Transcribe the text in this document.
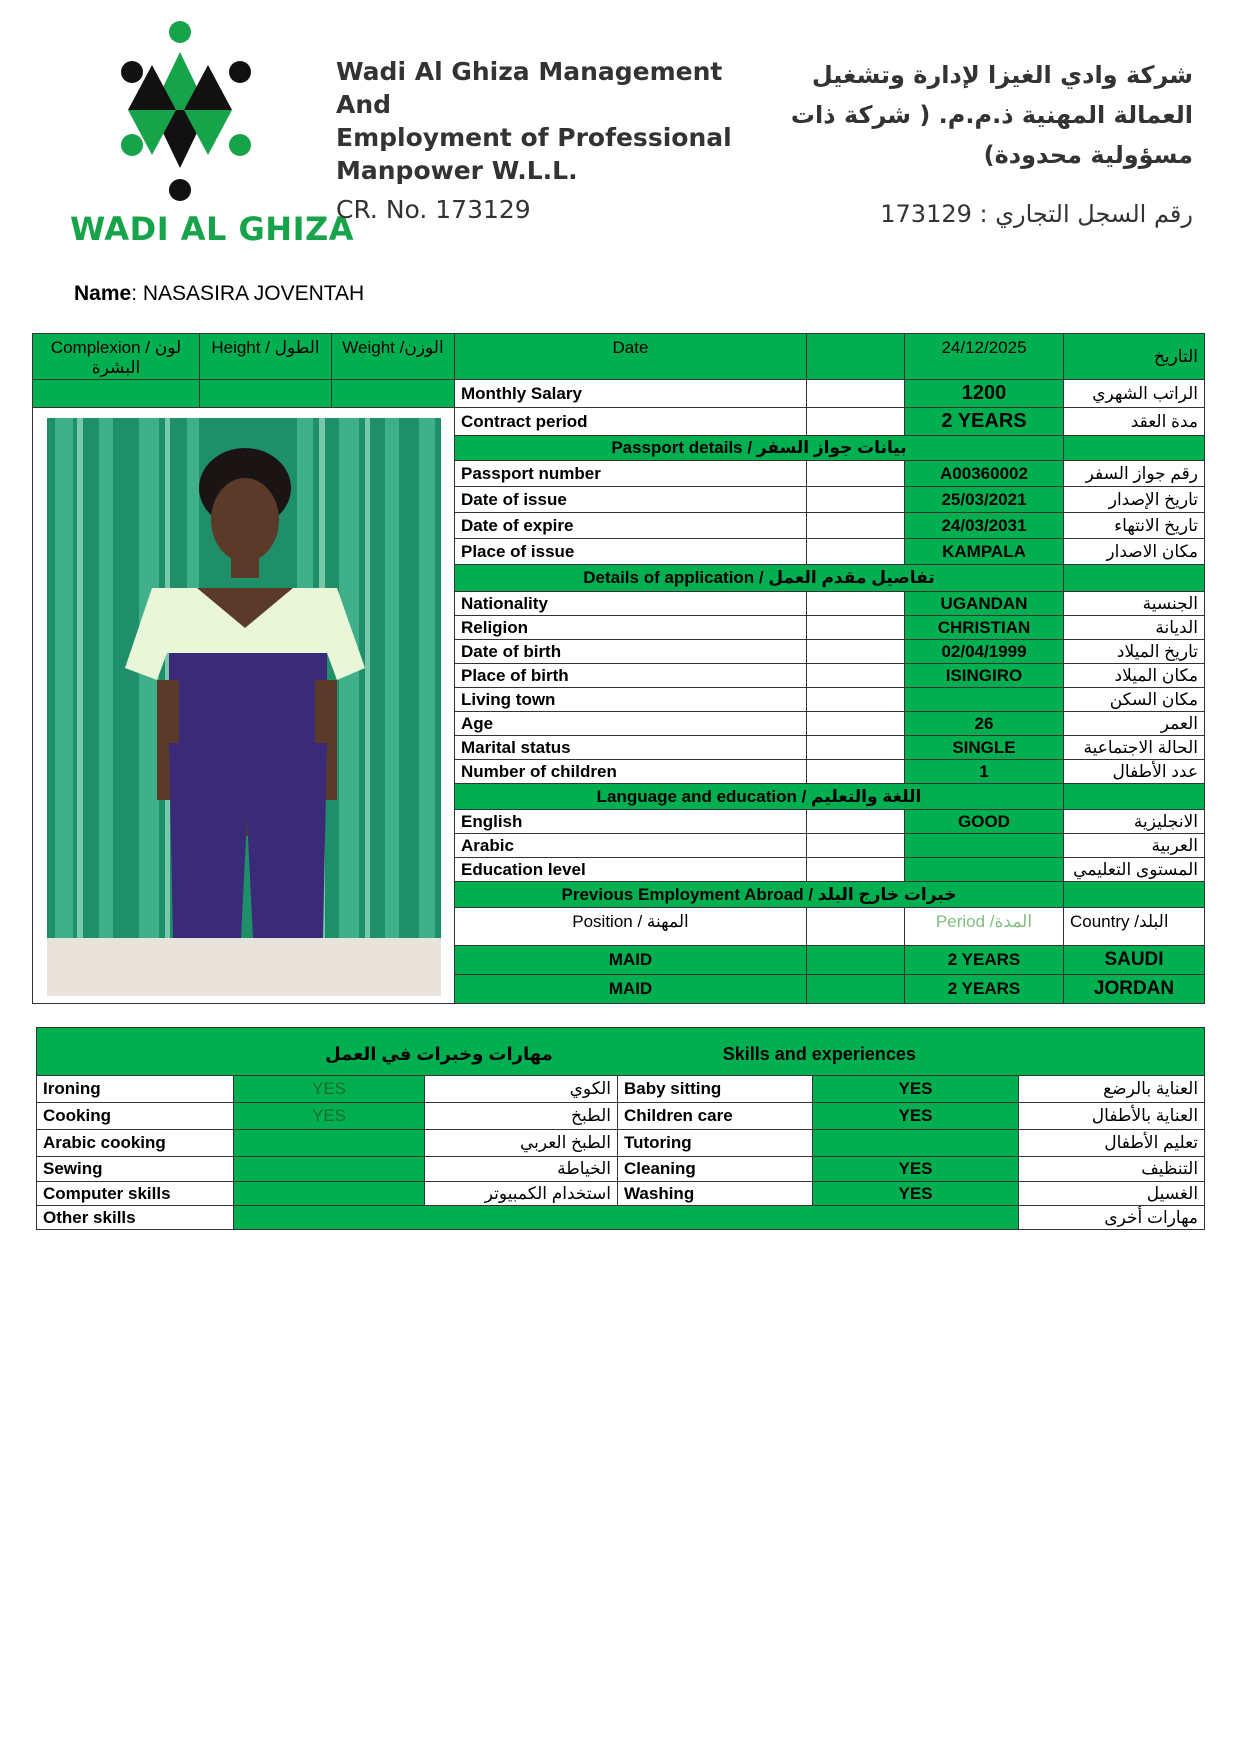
WADI AL GHIZA
Wadi Al Ghiza Management And
Employment of Professional
Manpower W.L.L.
CR. No. 173129
شركة وادي الغيزا لإدارة وتشغيل العمالة المهنية ذ.م.م. ( شركة ذات مسؤولية محدودة)
رقم السجل التجاري : 173129
Name: NASASIRA JOVENTAH
Complexion / لون البشرة	Height / الطول	Weight /الوزن	Date		24/12/2025	التاريخ
			Monthly Salary		1200	الراتب الشهري

	Contract period		2 YEARS	مدة العقد
			Passport details / بيانات جواز السفر			
			Passport number		A00360002	رقم جواز السفر
			Date of issue		25/03/2021	تاريخ الإصدار
			Date of expire		24/03/2031	تاريخ الانتهاء
			Place of issue		KAMPALA	مكان الاصدار
			Details of application / تفاصيل مقدم العمل			
			Nationality		UGANDAN	الجنسية
			Religion		CHRISTIAN	الديانة
			Date of birth		02/04/1999	تاريخ الميلاد
			Place of birth		ISINGIRO	مكان الميلاد
			Living town			مكان السكن
			Age		26	العمر
			Marital status		SINGLE	الحالة الاجتماعية
			Number of children		1	عدد الأطفال
			Language and education / اللغة والتعليم			
			English		GOOD	الانجليزية
			Arabic			العربية
			Education level			المستوى التعليمي
			Previous Employment Abroad / خبرات خارج البلد			
			Position / المهنة		Period /المدة	Country /البلد
			MAID		2 YEARS	SAUDI
			MAID		2 YEARS	JORDAN
مهارات وخبرات في العمل Skills and experiences					

Ironing	YES	الكوي	Baby sitting	YES	العناية بالرضع
Cooking	YES	الطبخ	Children care	YES	العناية بالأطفال
Arabic cooking		الطبخ العربي	Tutoring		تعليم الأطفال
Sewing		الخياطة	Cleaning	YES	التنظيف
Computer skills		استخدام الكمبيوتر	Washing	YES	الغسيل
Other skills					مهارات أخرى
